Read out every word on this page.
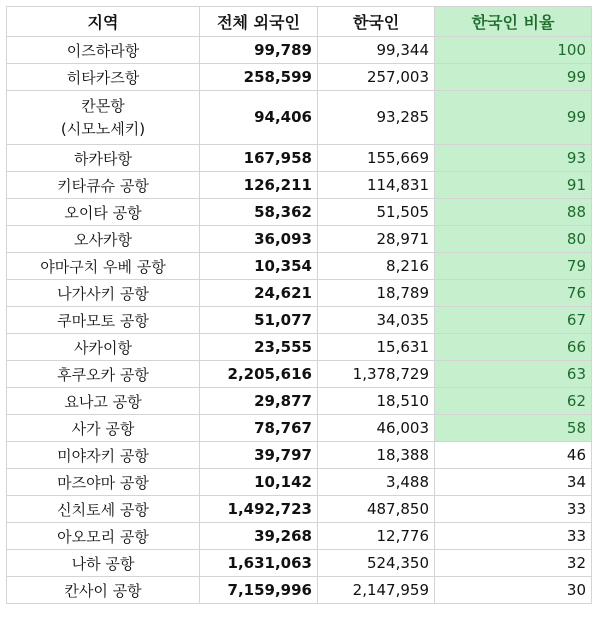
지역	전체 외국인	한국인	한국인 비율
이즈하라항	99,789	99,344	100
히타카즈항	258,599	257,003	99
칸몬항
(시모노세키)	94,406	93,285	99
하카타항	167,958	155,669	93
키타큐슈 공항	126,211	114,831	91
오이타 공항	58,362	51,505	88
오사카항	36,093	28,971	80
야마구치 우베 공항	10,354	8,216	79
나가사키 공항	24,621	18,789	76
쿠마모토 공항	51,077	34,035	67
사카이항	23,555	15,631	66
후쿠오카 공항	2,205,616	1,378,729	63
요나고 공항	29,877	18,510	62
사가 공항	78,767	46,003	58
미야자키 공항	39,797	18,388	46
마즈야마 공항	10,142	3,488	34
신치토세 공항	1,492,723	487,850	33
아오모리 공항	39,268	12,776	33
나하 공항	1,631,063	524,350	32
칸사이 공항	7,159,996	2,147,959	30
